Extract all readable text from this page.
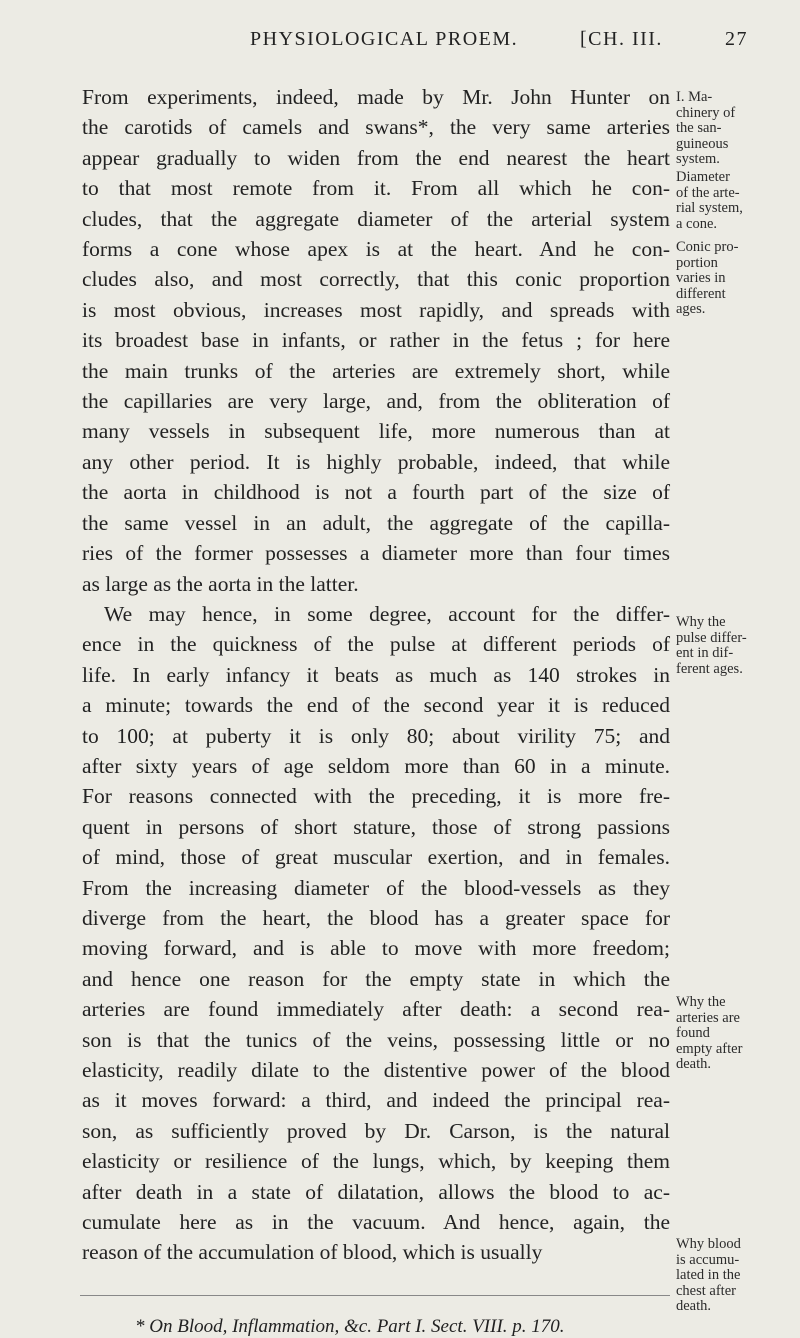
PHYSIOLOGICAL PROEM.	[CH. III.	27

From experiments, indeed, made by Mr. John Hunter on
the carotids of camels and swans*, the very same arteries
appear gradually to widen from the end nearest the heart
to that most remote from it. From all which he con-
cludes, that the aggregate diameter of the arterial system
forms a cone whose apex is at the heart. And he con-
cludes also, and most correctly, that this conic proportion
is most obvious, increases most rapidly, and spreads with
its broadest base in infants, or rather in the fetus ; for here
the main trunks of the arteries are extremely short, while
the capillaries are very large, and, from the obliteration of
many vessels in subsequent life, more numerous than at
any other period. It is highly probable, indeed, that while
the aorta in childhood is not a fourth part of the size of
the same vessel in an adult, the aggregate of the capilla-
ries of the former possesses a diameter more than four times
as large as the aorta in the latter.

We may hence, in some degree, account for the differ-
ence in the quickness of the pulse at different periods of
life. In early infancy it beats as much as 140 strokes in
a minute; towards the end of the second year it is reduced
to 100; at puberty it is only 80; about virility 75; and
after sixty years of age seldom more than 60 in a minute.
For reasons connected with the preceding, it is more fre-
quent in persons of short stature, those of strong passions
of mind, those of great muscular exertion, and in females.
From the increasing diameter of the blood-vessels as they
diverge from the heart, the blood has a greater space for
moving forward, and is able to move with more freedom;
and hence one reason for the empty state in which the
arteries are found immediately after death: a second rea-
son is that the tunics of the veins, possessing little or no
elasticity, readily dilate to the distentive power of the blood
as it moves forward: a third, and indeed the principal rea-
son, as sufficiently proved by Dr. Carson, is the natural
elasticity or resilience of the lungs, which, by keeping them
after death in a state of dilatation, allows the blood to ac-
cumulate here as in the vacuum. And hence, again, the
reason of the accumulation of blood, which is usually

I. Ma-
chinery of
the san-
guineous
system.
Diameter
of the arte-
rial system,
a cone.
Conic pro-
portion
varies in
different
ages.
Why the
pulse differ-
ent in dif-
ferent ages.
Why the
arteries are
found
empty after
death.
Why blood
is accumu-
lated in the
chest after
death.
* On Blood, Inflammation, &c. Part I. Sect. VIII. p. 170.
